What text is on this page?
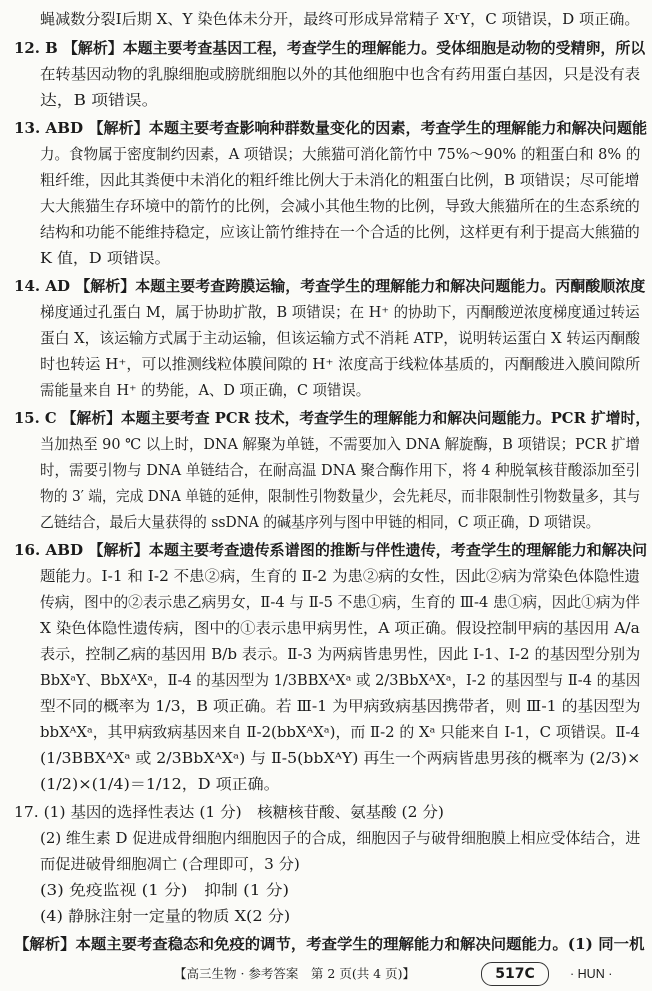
蝇减数分裂Ⅰ后期 X、Y 染色体未分开，最终可形成异常精子 XʳY，C 项错误，D 项正确。
12. B 【解析】本题主要考查基因工程，考查学生的理解能力。受体细胞是动物的受精卵，所以
在转基因动物的乳腺细胞或膀胱细胞以外的其他细胞中也含有药用蛋白基因，只是没有表
达，B 项错误。
13. ABD 【解析】本题主要考查影响种群数量变化的因素，考查学生的理解能力和解决问题能
力。食物属于密度制约因素，A 项错误；大熊猫可消化箭竹中 75%～90% 的粗蛋白和 8% 的
粗纤维，因此其粪便中未消化的粗纤维比例大于未消化的粗蛋白比例，B 项错误；尽可能增
大大熊猫生存环境中的箭竹的比例，会减小其他生物的比例，导致大熊猫所在的生态系统的
结构和功能不能维持稳定，应该让箭竹维持在一个合适的比例，这样更有利于提高大熊猫的
K 值，D 项错误。
14. AD 【解析】本题主要考查跨膜运输，考查学生的理解能力和解决问题能力。丙酮酸顺浓度
梯度通过孔蛋白 M，属于协助扩散，B 项错误；在 H⁺ 的协助下，丙酮酸逆浓度梯度通过转运
蛋白 X，该运输方式属于主动运输，但该运输方式不消耗 ATP，说明转运蛋白 X 转运丙酮酸
时也转运 H⁺，可以推测线粒体膜间隙的 H⁺ 浓度高于线粒体基质的，丙酮酸进入膜间隙所
需能量来自 H⁺ 的势能，A、D 项正确，C 项错误。
15. C 【解析】本题主要考查 PCR 技术，考查学生的理解能力和解决问题能力。PCR 扩增时，
当加热至 90 ℃ 以上时，DNA 解聚为单链，不需要加入 DNA 解旋酶，B 项错误；PCR 扩增
时，需要引物与 DNA 单链结合，在耐高温 DNA 聚合酶作用下，将 4 种脱氧核苷酸添加至引
物的 3′ 端，完成 DNA 单链的延伸，限制性引物数量少，会先耗尽，而非限制性引物数量多，其与
乙链结合，最后大量获得的 ssDNA 的碱基序列与图中甲链的相同，C 项正确，D 项错误。
16. ABD 【解析】本题主要考查遗传系谱图的推断与伴性遗传，考查学生的理解能力和解决问
题能力。Ⅰ-1 和 Ⅰ-2 不患②病，生育的 Ⅱ-2 为患②病的女性，因此②病为常染色体隐性遗
传病，图中的②表示患乙病男女，Ⅱ-4 与 Ⅱ-5 不患①病，生育的 Ⅲ-4 患①病，因此①病为伴
X 染色体隐性遗传病，图中的①表示患甲病男性，A 项正确。假设控制甲病的基因用 A/a
表示，控制乙病的基因用 B/b 表示。Ⅱ-3 为两病皆患男性，因此 Ⅰ-1、Ⅰ-2 的基因型分别为
BbXᵃY、BbXᴬXᵃ，Ⅱ-4 的基因型为 1/3BBXᴬXᵃ 或 2/3BbXᴬXᵃ，Ⅰ-2 的基因型与 Ⅱ-4 的基因
型不同的概率为 1/3，B 项正确。若 Ⅲ-1 为甲病致病基因携带者，则 Ⅲ-1 的基因型为
bbXᴬXᵃ，其甲病致病基因来自 Ⅱ-2(bbXᴬXᵃ)，而 Ⅱ-2 的 Xᵃ 只能来自 Ⅰ-1，C 项错误。Ⅱ-4
(1/3BBXᴬXᵃ 或 2/3BbXᴬXᵃ) 与 Ⅱ-5(bbXᴬY) 再生一个两病皆患男孩的概率为 (2/3)×
(1/2)×(1/4)＝1/12，D 项正确。
17. (1) 基因的选择性表达 (1 分)　核糖核苷酸、氨基酸 (2 分)
(2) 维生素 D 促进成骨细胞内细胞因子的合成，细胞因子与破骨细胞膜上相应受体结合，进
而促进破骨细胞凋亡 (合理即可，3 分)
(3) 免疫监视 (1 分)　抑制 (1 分)
(4) 静脉注射一定量的物质 X(2 分)
【解析】本题主要考查稳态和免疫的调节，考查学生的理解能力和解决问题能力。(1) 同一机
【高三生物 · 参考答案　第 2 页(共 4 页)】	517C	· HUN ·
